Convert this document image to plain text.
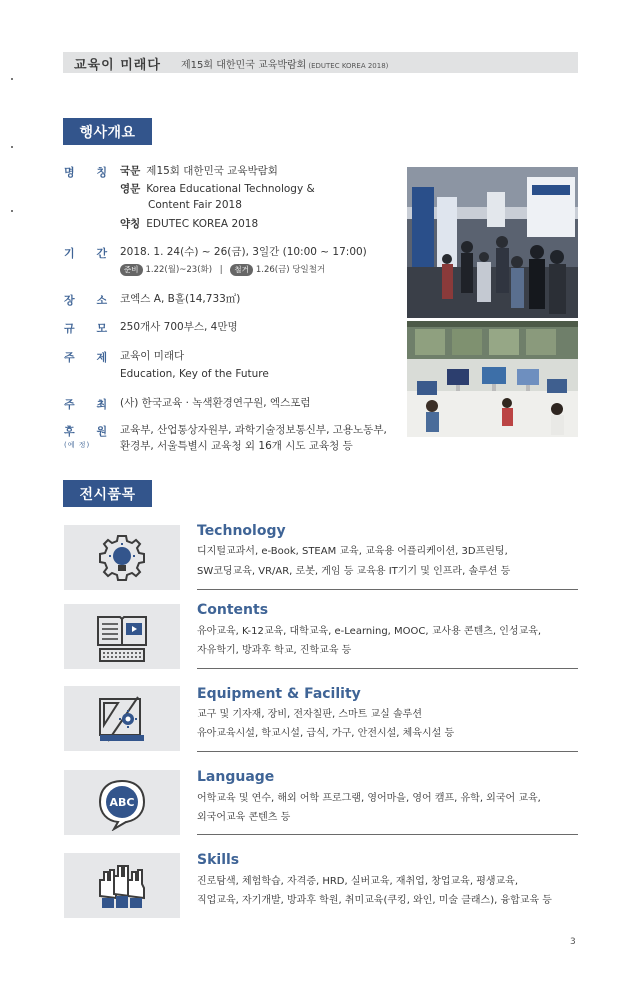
교육이 미래다 제15회 대한민국 교육박람회 (EDUTEC KOREA 2018)
행사개요
명 칭 국문 제15회 대한민국 교육박람회
영문 Korea Educational Technology &
Content Fair 2018
약칭 EDUTEC KOREA 2018
기 간 2018. 1. 24(수) ~ 26(금), 3일간 (10:00 ~ 17:00)
준비 1.22(월)~23(화) | 철거 1.26(금) 당일철거
장 소 코엑스 A, B홀(14,733㎡)
규 모 250개사 700부스, 4만명
주 제 교육이 미래다
Education, Key of the Future
주 최 (사) 한국교육 · 녹색환경연구원, 엑스포럼
후 원
(예 정)
교육부, 산업통상자원부, 과학기술정보통신부, 고용노동부,
환경부, 서울특별시 교육청 외 16개 시도 교육청 등
전시품목
Technology
디지털교과서, e-Book, STEAM 교육, 교육용 어플리케이션, 3D프린팅,
SW코딩교육, VR/AR, 로봇, 게임 등 교육용 IT기기 및 인프라, 솔루션 등
Contents
유아교육, K-12교육, 대학교육, e-Learning, MOOC, 교사용 콘텐츠, 인성교육,
자유학기, 방과후 학교, 진학교육 등
Equipment & Facility
교구 및 기자재, 장비, 전자칠판, 스마트 교실 솔루션
유아교육시설, 학교시설, 급식, 가구, 안전시설, 체육시설 등
ABC
Language
어학교육 및 연수, 해외 어학 프로그램, 영어마을, 영어 캠프, 유학, 외국어 교육,
외국어교육 콘텐츠 등
Skills
진로탐색, 체험학습, 자격증, HRD, 실버교육, 재취업, 창업교육, 평생교육,
직업교육, 자기개발, 방과후 학원, 취미교육(쿠킹, 와인, 미술 클래스), 융합교육 등
3
